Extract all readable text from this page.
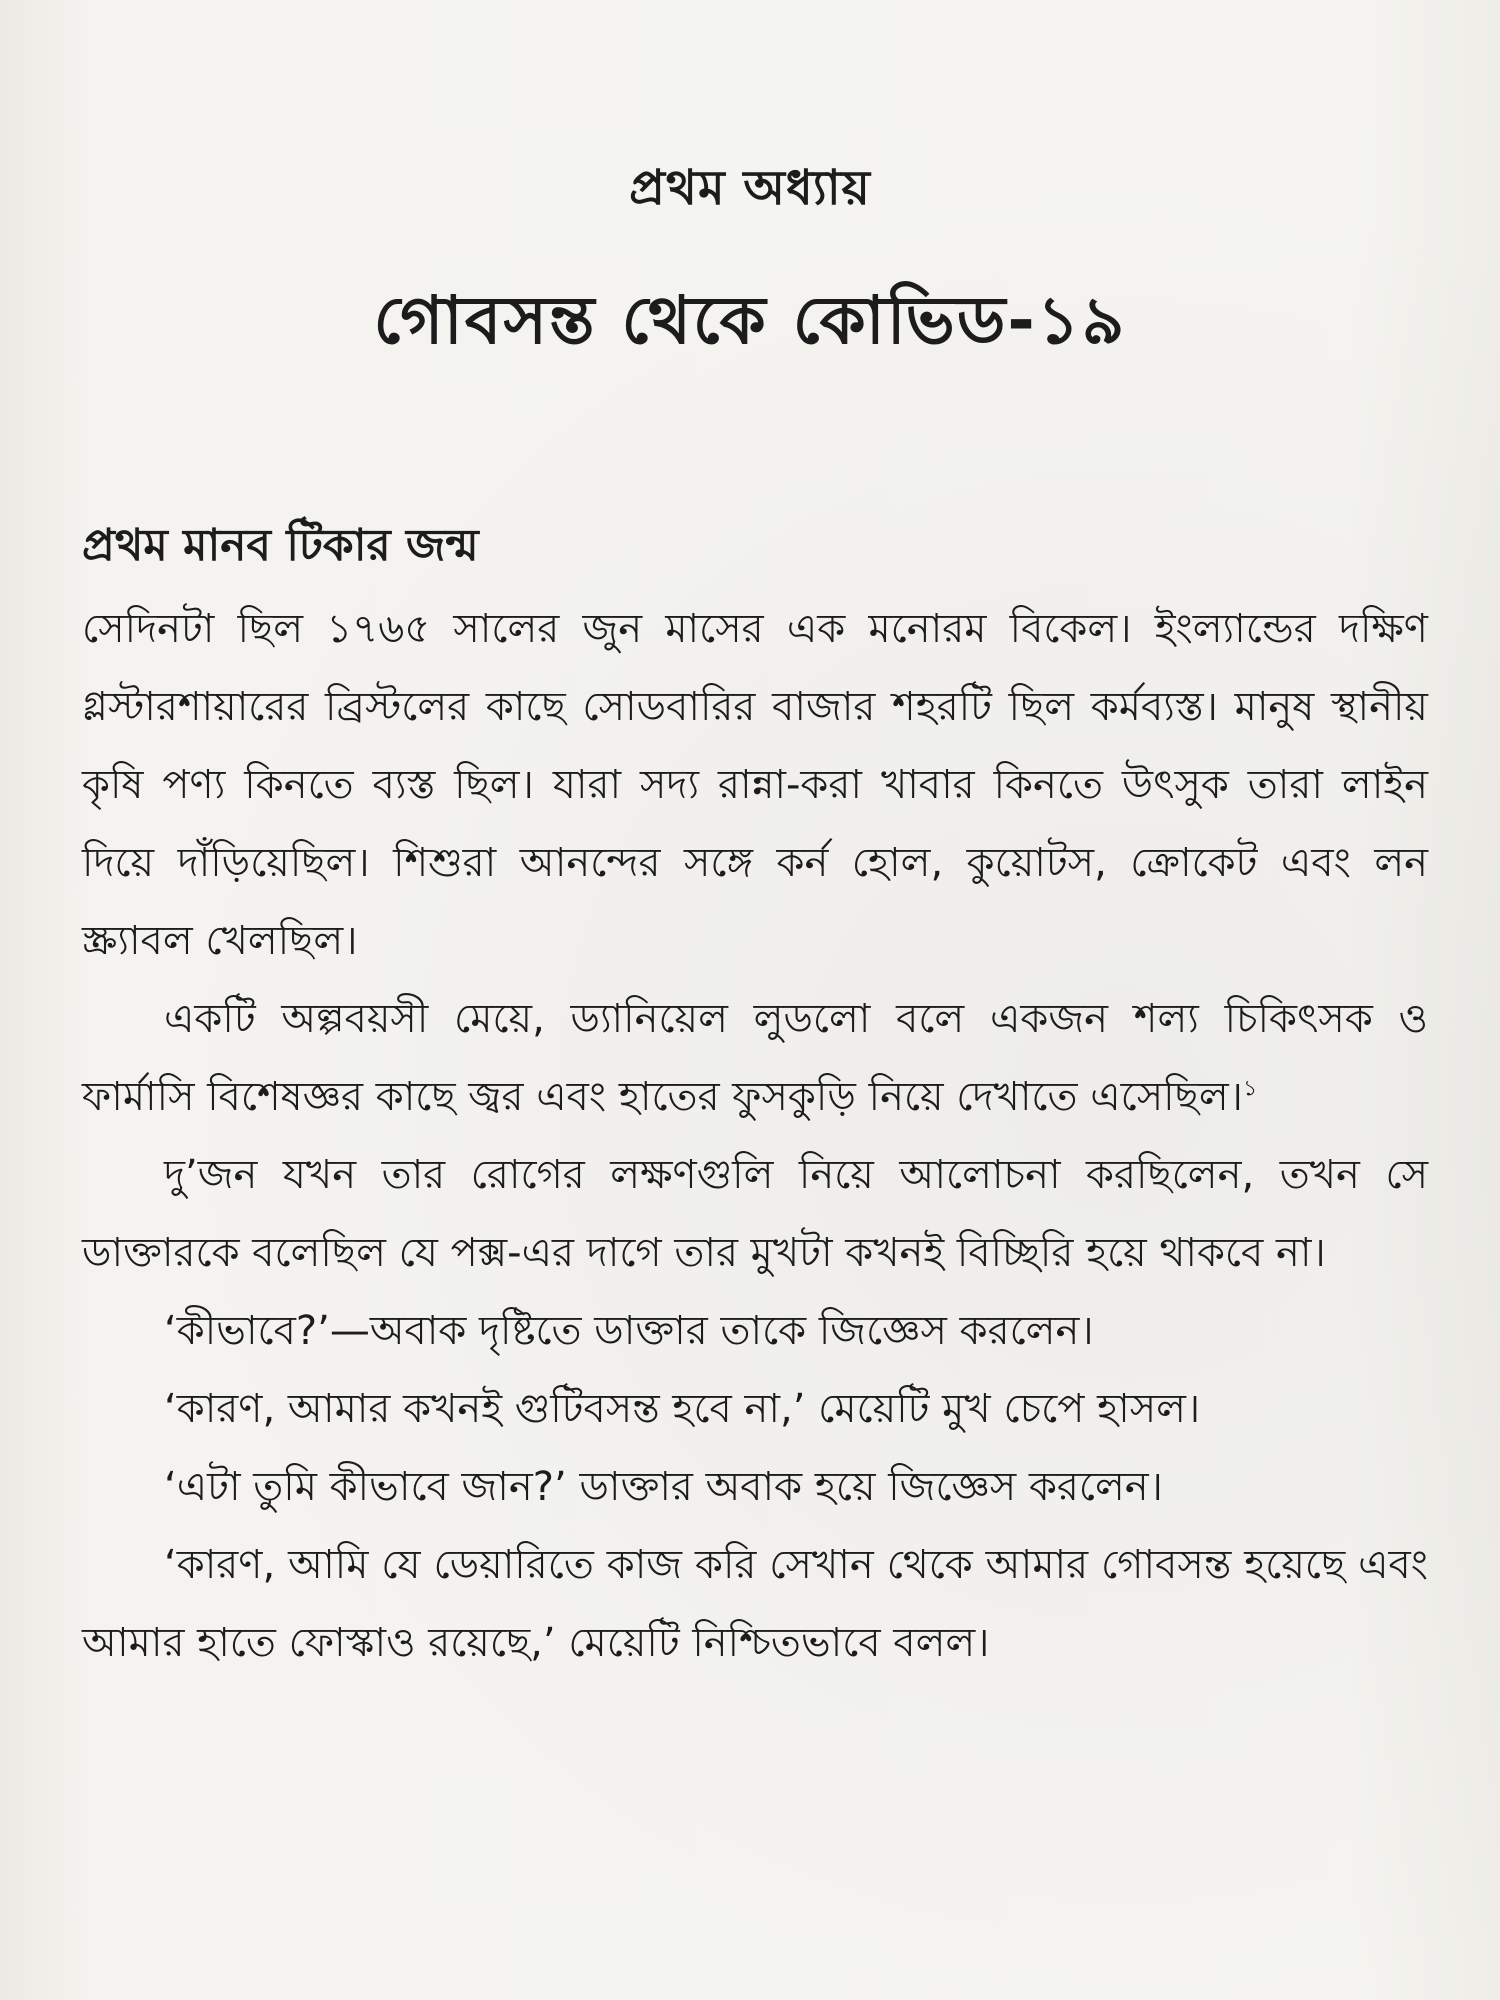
প্রথম অধ্যায়
গোবসন্ত থেকে কোভিড-১৯
প্রথম মানব টিকার জন্ম

সেদিনটা ছিল ১৭৬৫ সালের জুন মাসের এক মনোরম বিকেল। ইংল্যান্ডের দক্ষিণ গ্লস্টারশায়ারের ব্রিস্টলের কাছে সোডবারির বাজার শহরটি ছিল কর্মব্যস্ত। মানুষ স্থানীয় কৃষি পণ্য কিনতে ব্যস্ত ছিল। যারা সদ্য রান্না-করা খাবার কিনতে উৎসুক তারা লাইন দিয়ে দাঁড়িয়েছিল। শিশুরা আনন্দের সঙ্গে কর্ন হোল, কুয়োটস, ক্রোকেট এবং লন স্ক্র্যাবল খেলছিল।

একটি অল্পবয়সী মেয়ে, ড্যানিয়েল লুডলো বলে একজন শল্য চিকিৎসক ও ফার্মাসি বিশেষজ্ঞর কাছে জ্বর এবং হাতের ফুসকুড়ি নিয়ে দেখাতে এসেছিল।$^১$

দু’জন যখন তার রোগের লক্ষণগুলি নিয়ে আলোচনা করছিলেন, তখন সে ডাক্তারকে বলেছিল যে পক্স-এর দাগে তার মুখটা কখনই বিচ্ছিরি হয়ে থাকবে না।

‘কীভাবে?’—অবাক দৃষ্টিতে ডাক্তার তাকে জিজ্ঞেস করলেন।

‘কারণ, আমার কখনই গুটিবসন্ত হবে না,’ মেয়েটি মুখ চেপে হাসল।

‘এটা তুমি কীভাবে জান?’ ডাক্তার অবাক হয়ে জিজ্ঞেস করলেন।

‘কারণ, আমি যে ডেয়ারিতে কাজ করি সেখান থেকে আমার গোবসন্ত হয়েছে এবং আমার হাতে ফোস্কাও রয়েছে,’ মেয়েটি নিশ্চিতভাবে বলল।
